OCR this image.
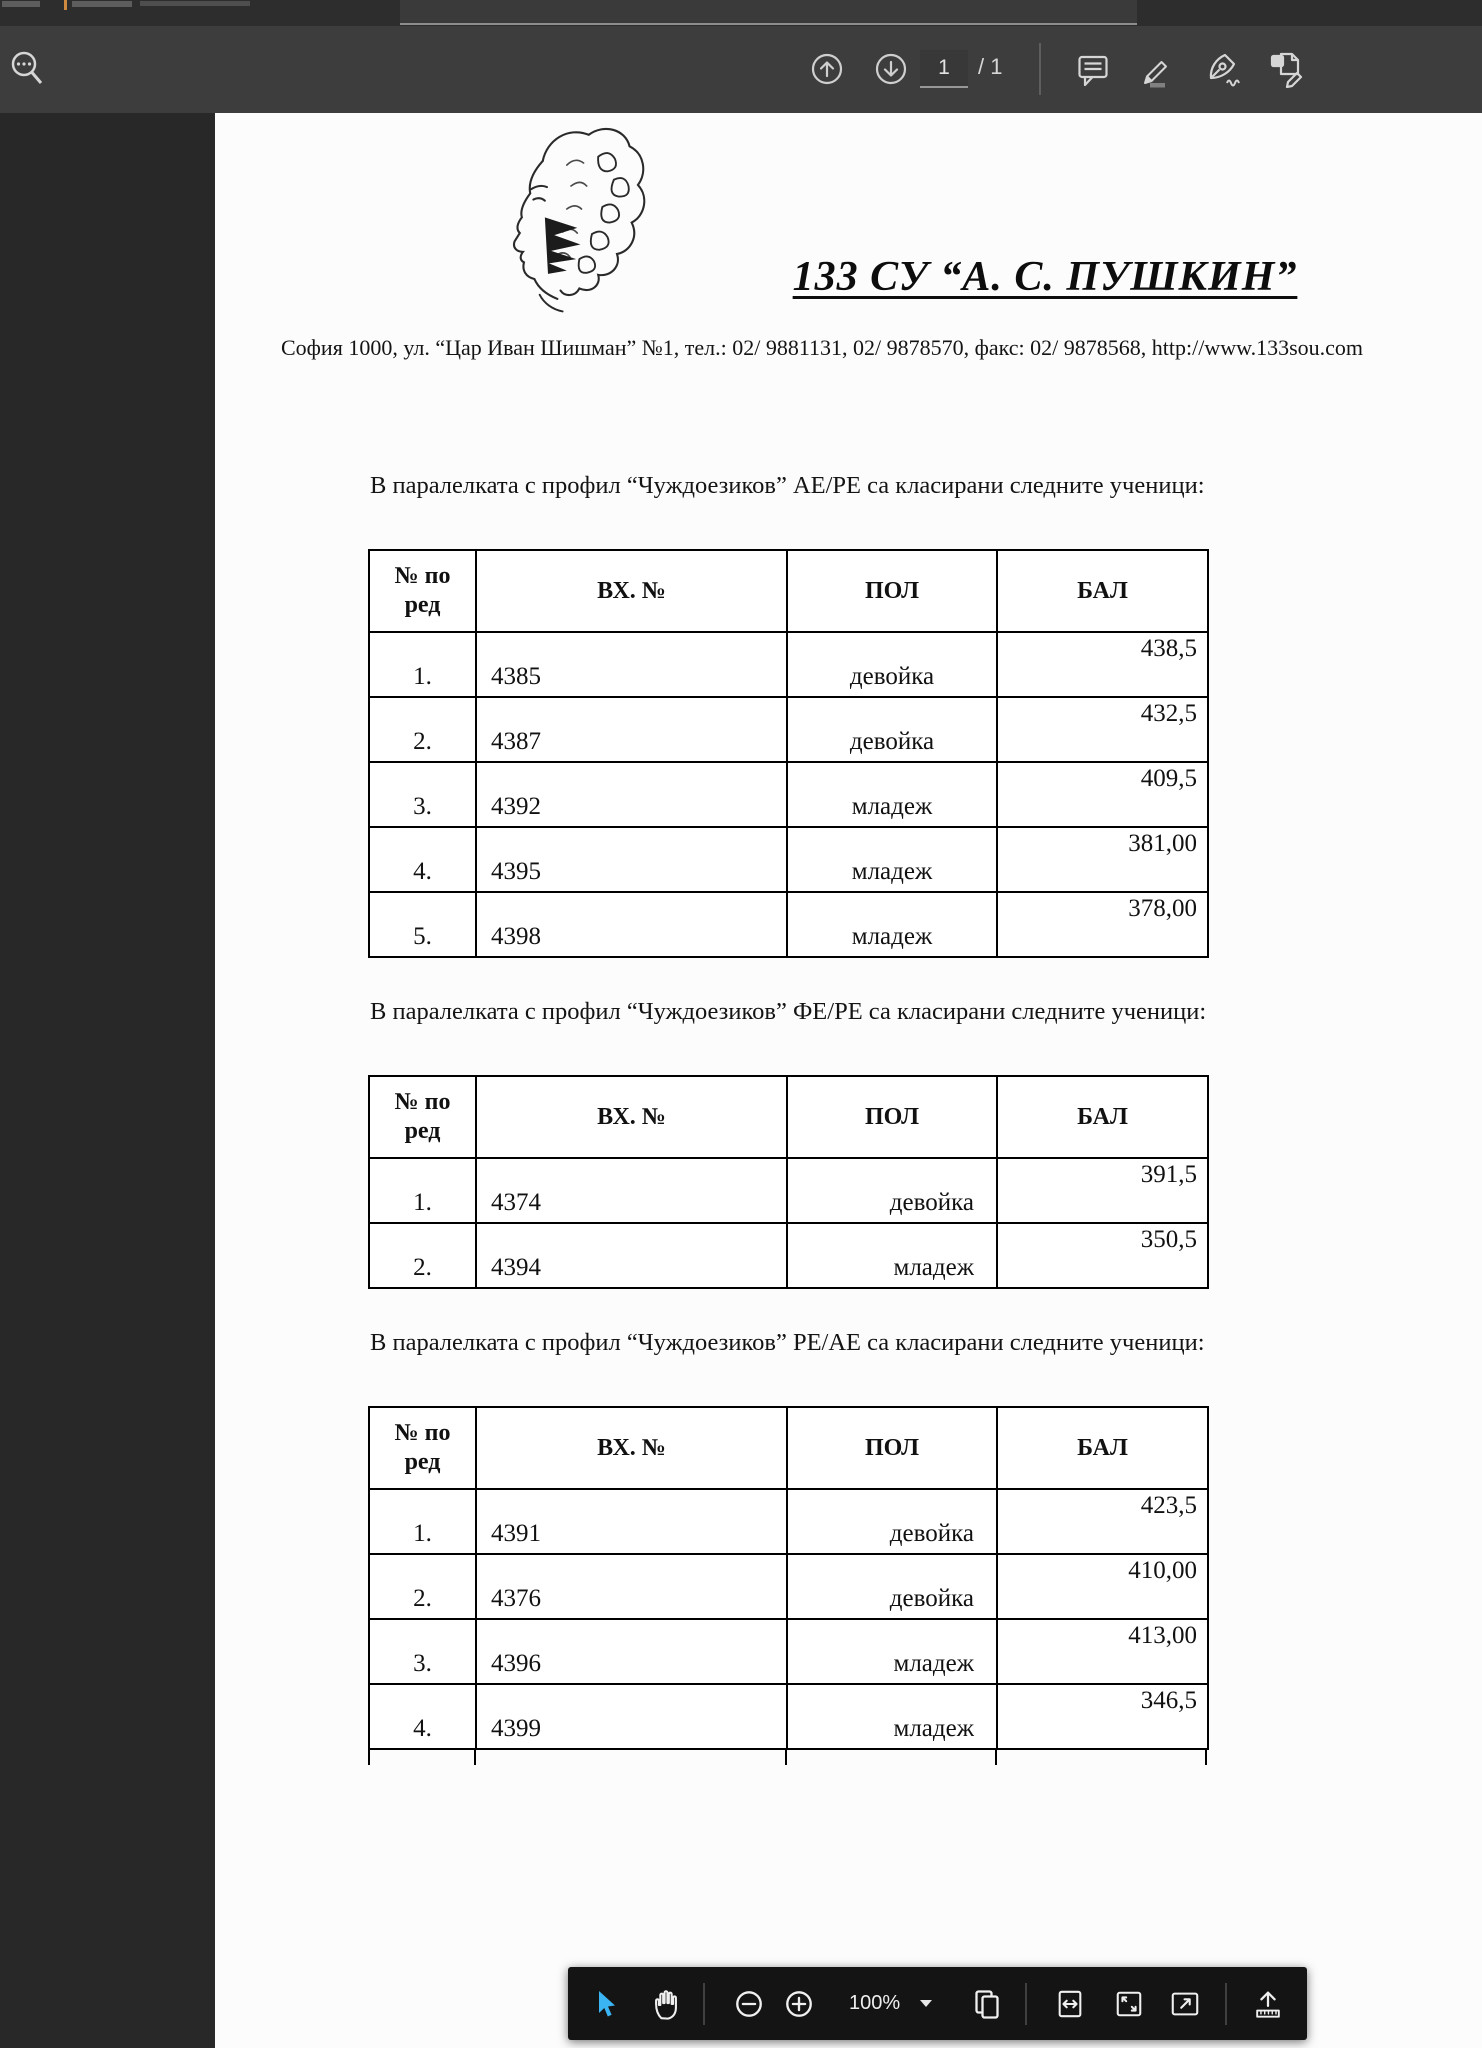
1
/ 1
133 СУ “А. С. ПУШКИН”
София 1000, ул. “Цар Иван Шишман” №1, тел.: 02/ 9881131, 02/ 9878570, факс: 02/ 9878568, http://www.133sou.com

В паралелката с профил “Чуждоезиков” АЕ/РЕ са класирани следните ученици:

№ по ред	ВХ. №	ПОЛ	БАЛ
1.	4385	девойка	438,5
2.	4387	девойка	432,5
3.	4392	младеж	409,5
4.	4395	младеж	381,00
5.	4398	младеж	378,00

В паралелката с профил “Чуждоезиков” ФЕ/РЕ са класирани следните ученици:

№ по ред	ВХ. №	ПОЛ	БАЛ
1.	4374	девойка	391,5
2.	4394	младеж	350,5

В паралелката с профил “Чуждоезиков” РЕ/АЕ са класирани следните ученици:

№ по ред	ВХ. №	ПОЛ	БАЛ
1.	4391	девойка	423,5
2.	4376	девойка	410,00
3.	4396	младеж	413,00
4.	4399	младеж	346,5
100%
